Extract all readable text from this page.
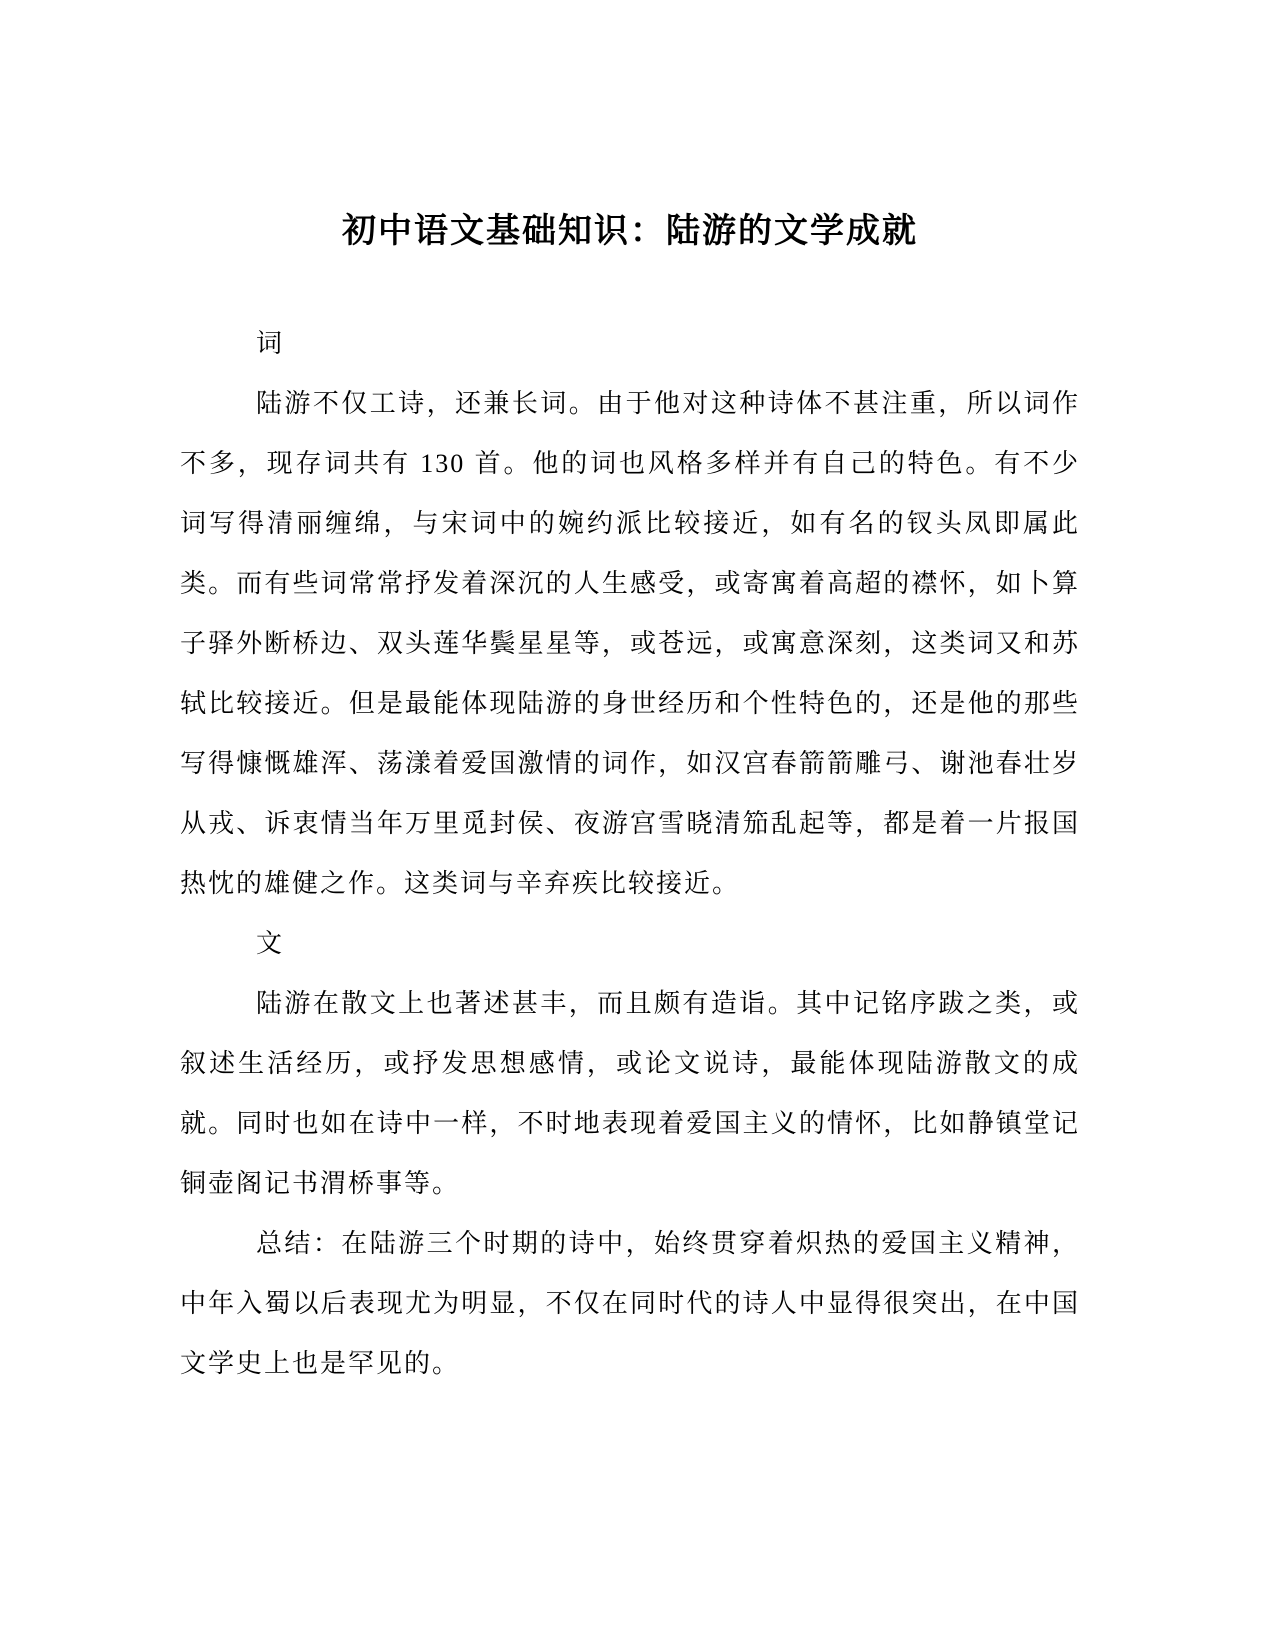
初中语文基础知识：陆游的文学成就

词

陆游不仅工诗，还兼长词。由于他对这种诗体不甚注重，所以词作不多，现存词共有 130 首。他的词也风格多样并有自己的特色。有不少词写得清丽缠绵，与宋词中的婉约派比较接近，如有名的钗头凤即属此类。而有些词常常抒发着深沉的人生感受，或寄寓着高超的襟怀，如卜算子驿外断桥边、双头莲华鬓星星等，或苍远，或寓意深刻，这类词又和苏轼比较接近。但是最能体现陆游的身世经历和个性特色的，还是他的那些写得慷慨雄浑、荡漾着爱国激情的词作，如汉宫春箭箭雕弓、谢池春壮岁从戎、诉衷情当年万里觅封侯、夜游宫雪晓清笳乱起等，都是着一片报国热忱的雄健之作。这类词与辛弃疾比较接近。

文

陆游在散文上也著述甚丰，而且颇有造诣。其中记铭序跋之类，或叙述生活经历，或抒发思想感情，或论文说诗，最能体现陆游散文的成就。同时也如在诗中一样，不时地表现着爱国主义的情怀，比如静镇堂记铜壶阁记书渭桥事等。

总结：在陆游三个时期的诗中，始终贯穿着炽热的爱国主义精神，中年入蜀以后表现尤为明显，不仅在同时代的诗人中显得很突出，在中国文学史上也是罕见的。
